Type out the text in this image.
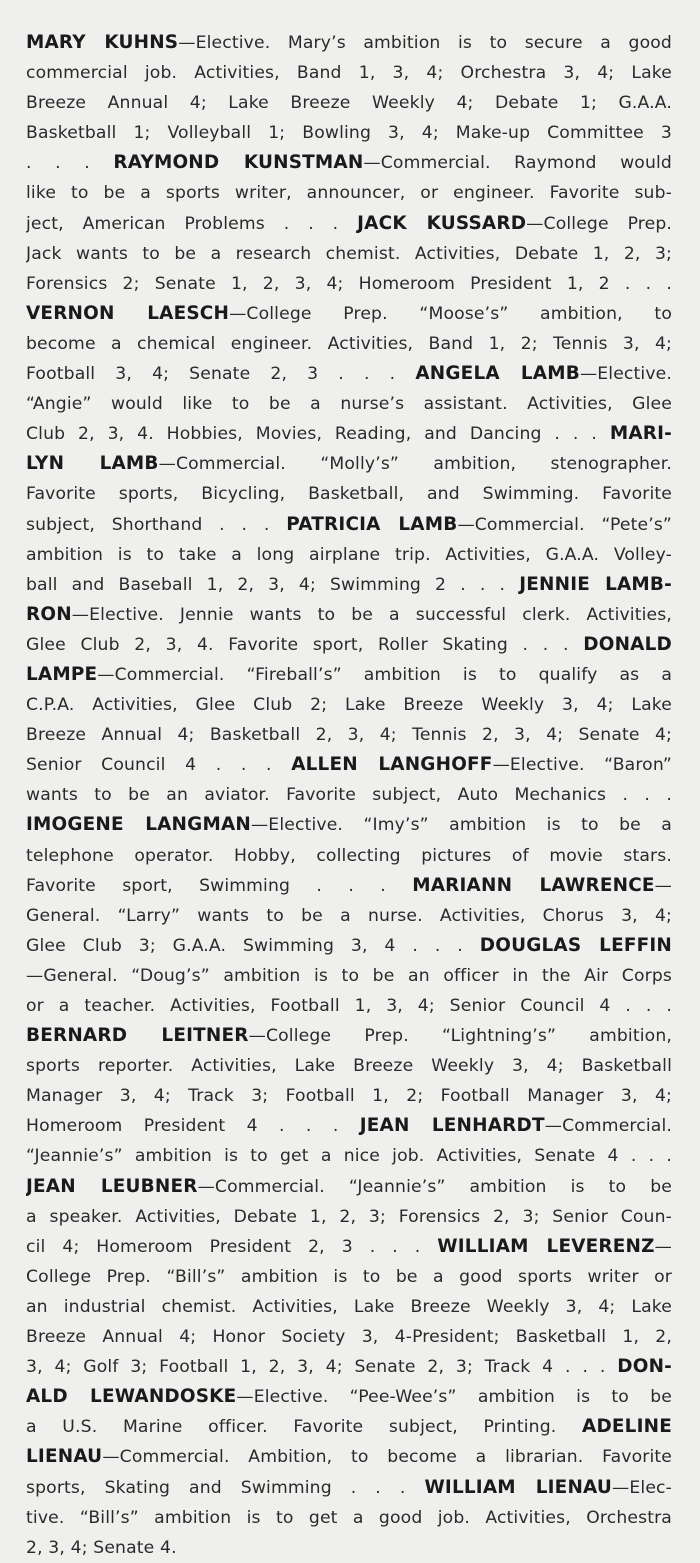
MARY KUHNS—Elective. Mary’s ambition is to secure a good
commercial job. Activities, Band 1, 3, 4; Orchestra 3, 4; Lake
Breeze Annual 4; Lake Breeze Weekly 4; Debate 1; G.A.A.
Basketball 1; Volleyball 1; Bowling 3, 4; Make-up Committee 3
. . . RAYMOND KUNSTMAN—Commercial. Raymond would
like to be a sports writer, announcer, or engineer. Favorite sub-
ject, American Problems . . . JACK KUSSARD—College Prep.
Jack wants to be a research chemist. Activities, Debate 1, 2, 3;
Forensics 2; Senate 1, 2, 3, 4; Homeroom President 1, 2 . . .
VERNON LAESCH—College Prep. “Moose’s” ambition, to
become a chemical engineer. Activities, Band 1, 2; Tennis 3, 4;
Football 3, 4; Senate 2, 3 . . . ANGELA LAMB—Elective.
“Angie” would like to be a nurse’s assistant. Activities, Glee
Club 2, 3, 4. Hobbies, Movies, Reading, and Dancing . . . MARI-
LYN LAMB—Commercial. “Molly’s” ambition, stenographer.
Favorite sports, Bicycling, Basketball, and Swimming. Favorite
subject, Shorthand . . . PATRICIA LAMB—Commercial. “Pete’s”
ambition is to take a long airplane trip. Activities, G.A.A. Volley-
ball and Baseball 1, 2, 3, 4; Swimming 2 . . . JENNIE LAMB-
RON—Elective. Jennie wants to be a successful clerk. Activities,
Glee Club 2, 3, 4. Favorite sport, Roller Skating . . . DONALD
LAMPE—Commercial. “Fireball’s” ambition is to qualify as a
C.P.A. Activities, Glee Club 2; Lake Breeze Weekly 3, 4; Lake
Breeze Annual 4; Basketball 2, 3, 4; Tennis 2, 3, 4; Senate 4;
Senior Council 4 . . . ALLEN LANGHOFF—Elective. “Baron”
wants to be an aviator. Favorite subject, Auto Mechanics . . .
IMOGENE LANGMAN—Elective. “Imy’s” ambition is to be a
telephone operator. Hobby, collecting pictures of movie stars.
Favorite sport, Swimming . . . MARIANN LAWRENCE—
General. “Larry” wants to be a nurse. Activities, Chorus 3, 4;
Glee Club 3; G.A.A. Swimming 3, 4 . . . DOUGLAS LEFFIN
—General. “Doug’s” ambition is to be an officer in the Air Corps
or a teacher. Activities, Football 1, 3, 4; Senior Council 4 . . .
BERNARD LEITNER—College Prep. “Lightning’s” ambition,
sports reporter. Activities, Lake Breeze Weekly 3, 4; Basketball
Manager 3, 4; Track 3; Football 1, 2; Football Manager 3, 4;
Homeroom President 4 . . . JEAN LENHARDT—Commercial.
“Jeannie’s” ambition is to get a nice job. Activities, Senate 4 . . .
JEAN LEUBNER—Commercial. “Jeannie’s” ambition is to be
a speaker. Activities, Debate 1, 2, 3; Forensics 2, 3; Senior Coun-
cil 4; Homeroom President 2, 3 . . . WILLIAM LEVERENZ—
College Prep. “Bill’s” ambition is to be a good sports writer or
an industrial chemist. Activities, Lake Breeze Weekly 3, 4; Lake
Breeze Annual 4; Honor Society 3, 4-President; Basketball 1, 2,
3, 4; Golf 3; Football 1, 2, 3, 4; Senate 2, 3; Track 4 . . . DON-
ALD LEWANDOSKE—Elective. “Pee-Wee’s” ambition is to be
a U.S. Marine officer. Favorite subject, Printing. ADELINE
LIENAU—Commercial. Ambition, to become a librarian. Favorite
sports, Skating and Swimming . . . WILLIAM LIENAU—Elec-
tive. “Bill’s” ambition is to get a good job. Activities, Orchestra
2, 3, 4; Senate 4.
